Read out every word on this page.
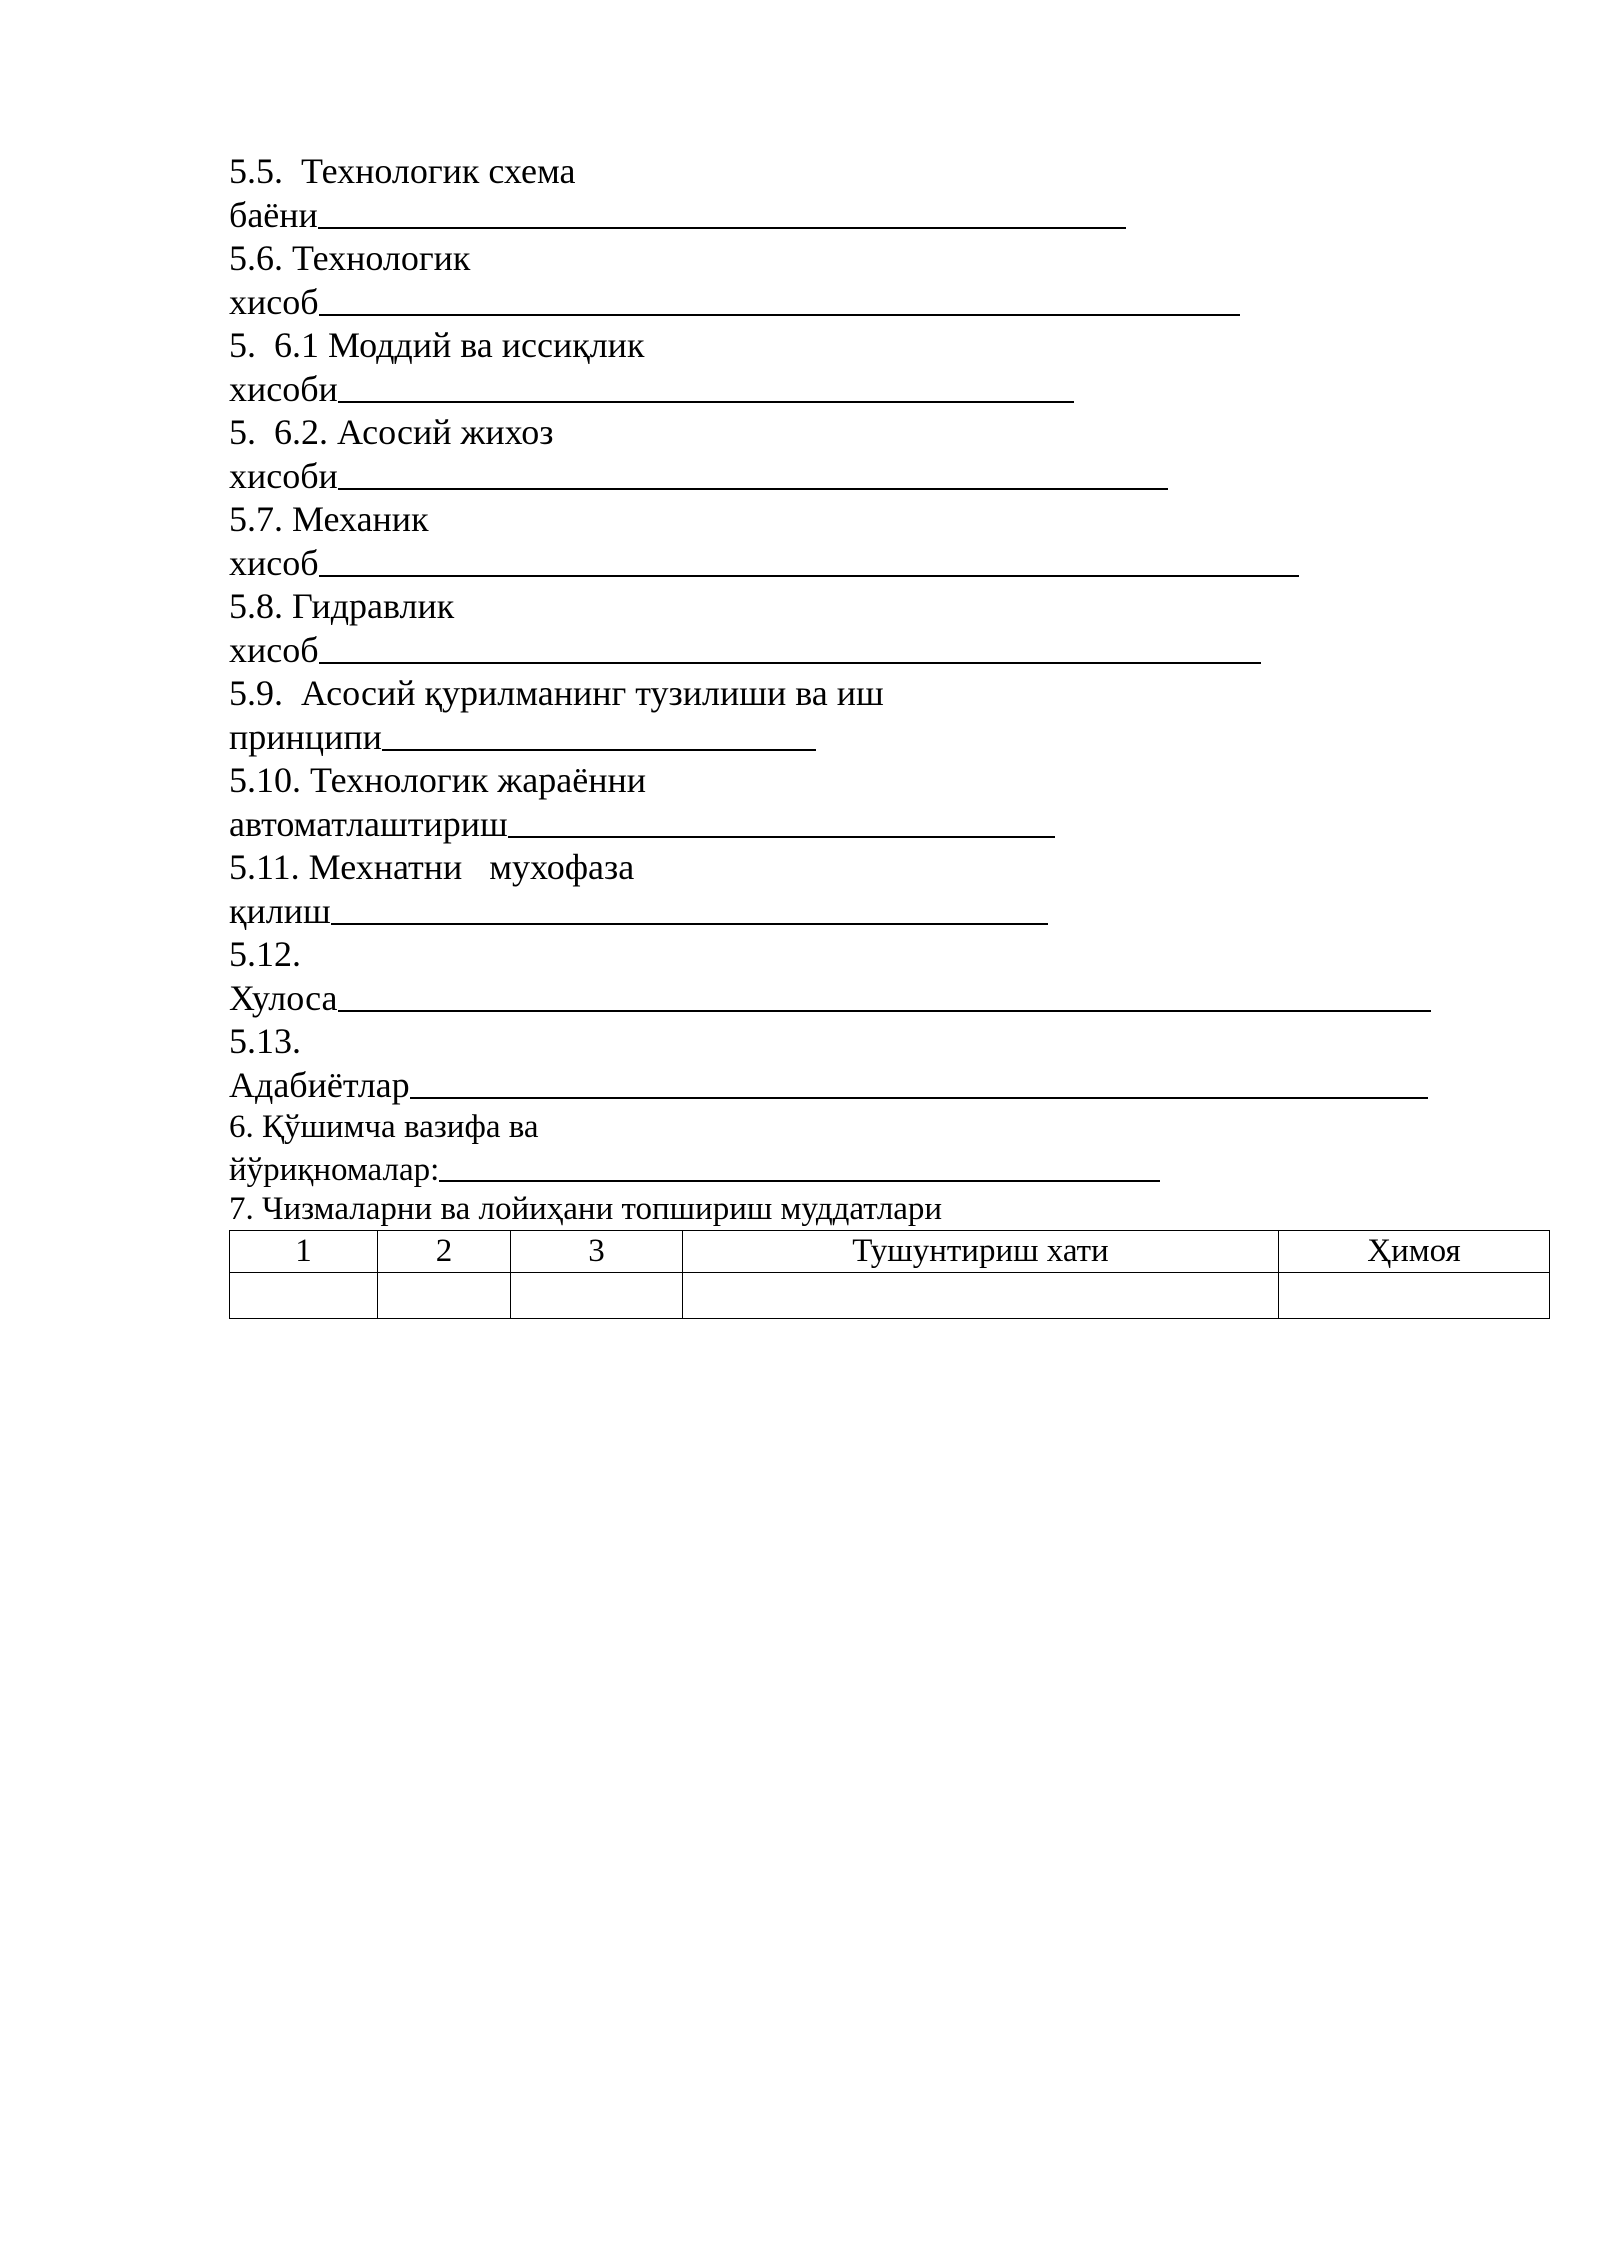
5.5.  Технологик схема
баёни
5.6. Технологик
хисоб
5.  6.1 Моддий ва иссиқлик
хисоби
5.  6.2. Асосий жихоз
хисоби
5.7. Механик
хисоб
5.8. Гидравлик
хисоб
5.9.  Асосий қурилманинг тузилиши ва иш
принципи
5.10. Технологик жараённи
автоматлаштириш
5.11. Мехнатни   мухофаза
қилиш
5.12.
Хулоса
5.13.
Адабиётлар
6. Қўшимча вазифа ва
йўриқномалар:
7. Чизмаларни ва лойиҳани топшириш муддатлари
1	2	3	Тушунтириш хати	Ҳимоя
